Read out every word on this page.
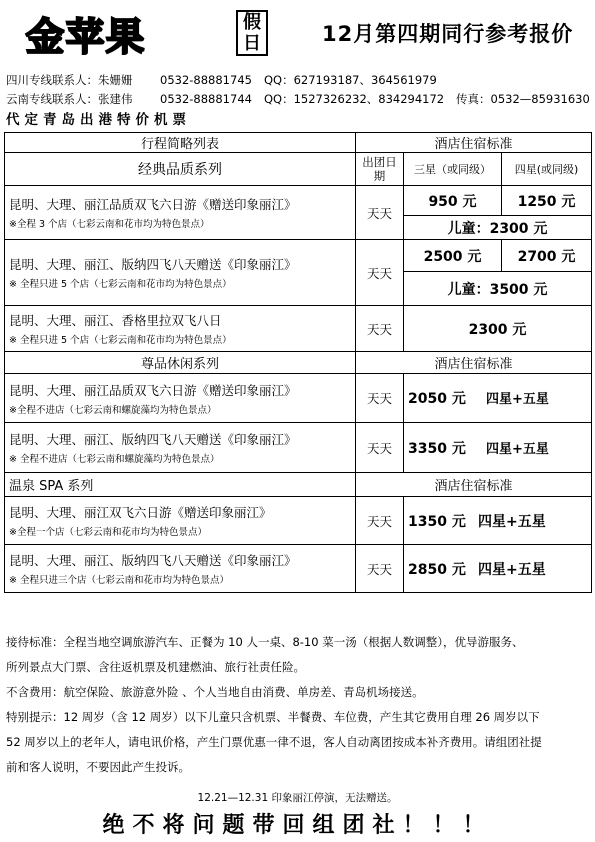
金苹果	假
日	12月第四期同行参考报价
四川专线联系人：朱姗姗 0532-88881745 QQ：627193187、364561979
云南专线联系人：张建伟 0532-88881744 QQ：1527326232、834294172 传真：0532—85931630
代定青岛出港特价机票
行程简略列表	酒店住宿标准		
经典品质系列	出团日期	三星（或同级）	四星(或同级)

昆明、大理、丽江品质双飞六日游《赠送印象丽江》
※全程 3 个店（七彩云南和花市均为特色景点）	天天	950 元	1250 元
		儿童：2300 元	

昆明、大理、丽江、版纳四飞八天赠送《印象丽江》
※ 全程只进 5 个店（七彩云南和花市均为特色景点）	天天	2500 元	2700 元
		儿童：3500 元	

昆明、大理、丽江、香格里拉双飞八日
※ 全程只进 5 个店（七彩云南和花市均为特色景点）	天天	2300 元	
尊品休闲系列	酒店住宿标准		

昆明、大理、丽江品质双飞六日游《赠送印象丽江》
※全程不进店（七彩云南和螺旋藻均为特色景点）	天天	2050 元 四星+五星	

昆明、大理、丽江、版纳四飞八天赠送《印象丽江》
※ 全程不进店（七彩云南和螺旋藻均为特色景点）	天天	3350 元 四星+五星	
温泉 SPA 系列	酒店住宿标准		

昆明、大理、丽江双飞六日游《赠送印象丽江》
※全程一个店（七彩云南和花市均为特色景点）	天天	1350 元 四星+五星	

昆明、大理、丽江、版纳四飞八天赠送《印象丽江》
※ 全程只进三个店（七彩云南和花市均为特色景点）	天天	2850 元 四星+五星	

接待标准：全程当地空调旅游汽车、正餐为 10 人一桌、8-10 菜一汤（根据人数调整），优导游服务、

所列景点大门票、含往返机票及机建燃油、旅行社责任险。

不含费用：航空保险、旅游意外险 、个人当地自由消费、单房差、青岛机场接送。

特别提示：12 周岁（含 12 周岁）以下儿童只含机票、半餐费、车位费，产生其它费用自理 26 周岁以下

52 周岁以上的老年人，请电讯价格，产生门票优惠一律不退，客人自动离团按成本补齐费用。请组团社提

前和客人说明，不要因此产生投诉。

12.21—12.31 印象丽江停演，无法赠送。
绝不将问题带回组团社！！！
